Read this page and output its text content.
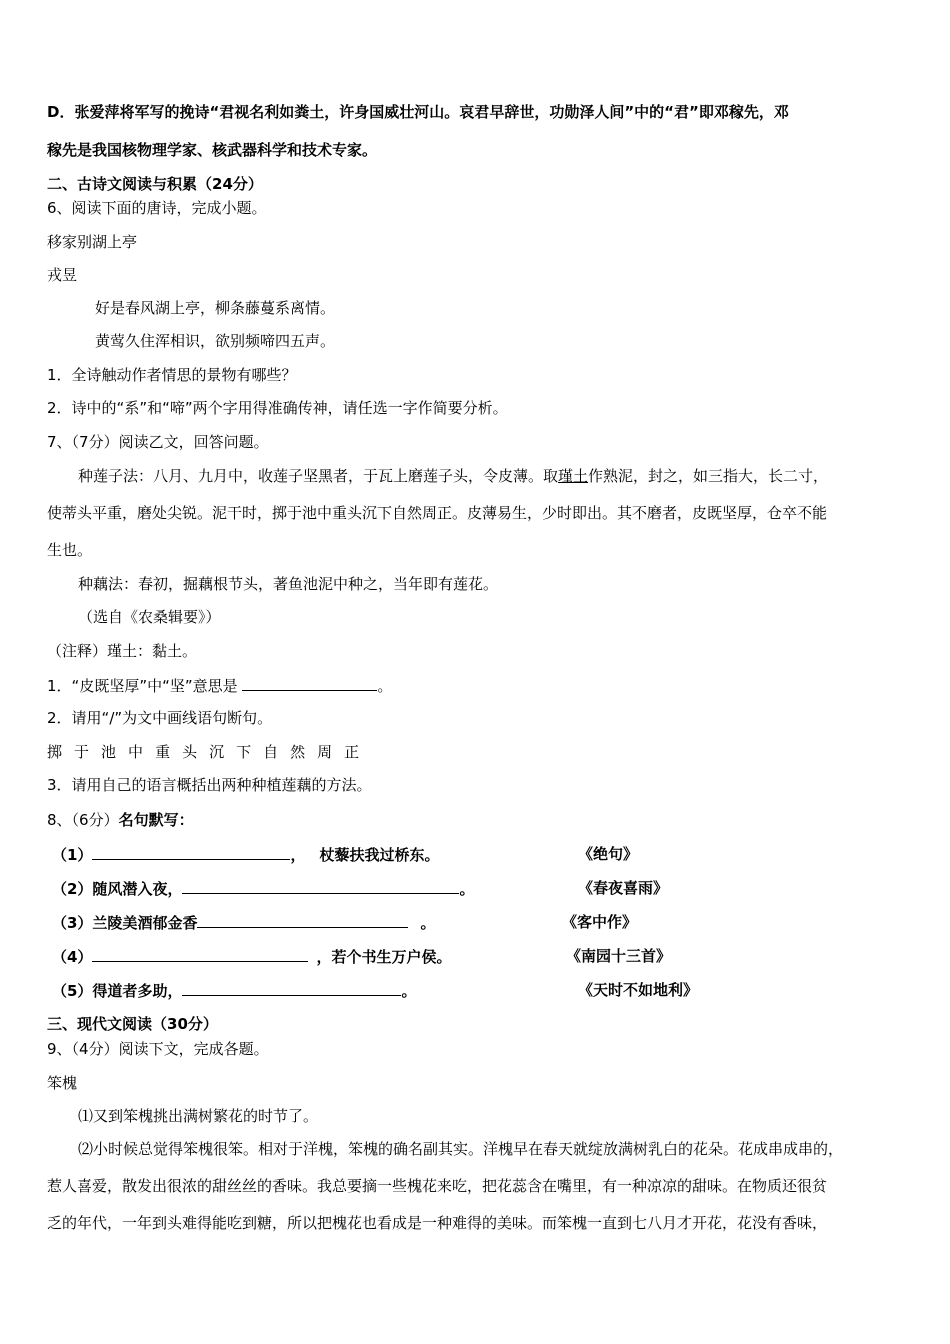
D．张爱萍将军写的挽诗“君视名利如粪土，许身国威壮河山。哀君早辞世，功勋泽人间”中的“君”即邓稼先，邓
稼先是我国核物理学家、核武器科学和技术专家。
二、古诗文阅读与积累（24分）
6、阅读下面的唐诗，完成小题。
移家别湖上亭
戎昱
好是春风湖上亭，柳条藤蔓系离情。
黄莺久住浑相识，欲别频啼四五声。
1．全诗触动作者情思的景物有哪些？
2．诗中的“系”和“啼”两个字用得准确传神，请任选一字作简要分析。
7、（7分）阅读乙文，回答问题。
种莲子法：八月、九月中，收莲子坚黑者，于瓦上磨莲子头，令皮薄。取瑾土作熟泥，封之，如三指大，长二寸，
使蒂头平重，磨处尖锐。泥干时，掷于池中重头沉下自然周正。皮薄易生，少时即出。其不磨者，皮既坚厚，仓卒不能
生也。
种藕法：春初，掘藕根节头，著鱼池泥中种之，当年即有莲花。
（选自《农桑辑要》）
（注释）瑾土：黏土。
1．“皮既坚厚”中“坚”意思是	。
2．请用“/”为文中画线语句断句。
掷 于 池 中 重 头 沉 下 自 然 周 正
3．请用自己的语言概括出两种种植莲藕的方法。
8、（6分）名句默写：
（1）	， 杖藜扶我过桥东。	《绝句》
（2）随风潜入夜，	。	《春夜喜雨》
（3）兰陵美酒郁金香	。	《客中作》
（4）	，若个书生万户侯。	《南园十三首》
（5）得道者多助，	。	《天时不如地利》
三、现代文阅读（30分）
9、（4分）阅读下文，完成各题。
笨槐
⑴又到笨槐挑出满树繁花的时节了。
⑵小时候总觉得笨槐很笨。相对于洋槐，笨槐的确名副其实。洋槐早在春天就绽放满树乳白的花朵。花成串成串的，
惹人喜爱，散发出很浓的甜丝丝的香味。我总要摘一些槐花来吃，把花蕊含在嘴里，有一种凉凉的甜味。在物质还很贫
乏的年代，一年到头难得能吃到糖，所以把槐花也看成是一种难得的美味。而笨槐一直到七八月才开花，花没有香味，
